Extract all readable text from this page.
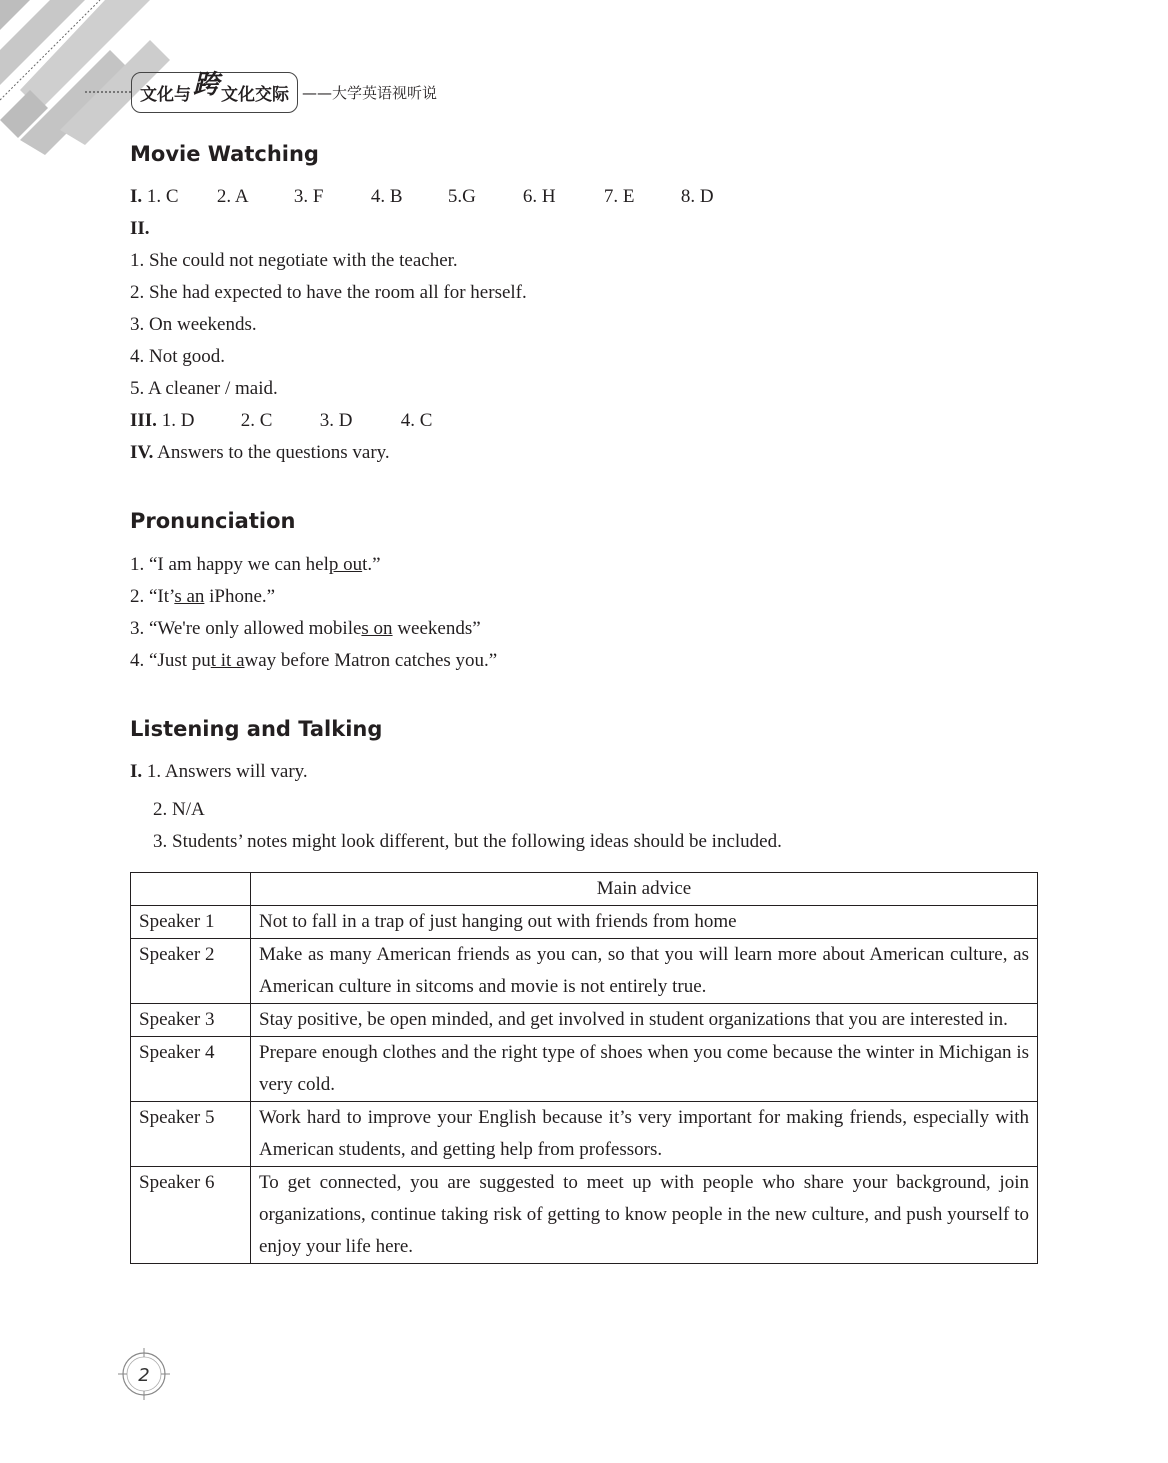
文化与 跨 文化交际 ——大学英语视听说
Movie Watching
I. 1. C 2. A 3. F 4. B 5.G 6. H	7. E 8. D
II.
1. She could not negotiate with the teacher.
2. She had expected to have the room all for herself.
3. On weekends.
4. Not good.
5. A cleaner / maid.
III. 1. D 2. C 3. D	4. C
IV. Answers to the questions vary.
Pronunciation
1. “I am happy we can help out.”
2. “It’s an iPhone.”
3. “We're only allowed mobiles on weekends”
4. “Just put it away before Matron catches you.”
Listening and Talking
I. 1. Answers will vary.
2. N/A
3. Students’ notes might look different, but the following ideas should be included.
	Main advice
Speaker 1	Not to fall in a trap of just hanging out with friends from home
Speaker 2	Make as many American friends as you can, so that you will learn more about American culture, as American culture in sitcoms and movie is not entirely true.
Speaker 3	Stay positive, be open minded, and get involved in student organizations that you are interested in.
Speaker 4	Prepare enough clothes and the right type of shoes when you come because the winter in Michigan is very cold.
Speaker 5	Work hard to improve your English because it’s very important for making friends, especially with American students, and getting help from professors.
Speaker 6	To get connected, you are suggested to meet up with people who share your background, join organizations, continue taking risk of getting to know people in the new culture, and push yourself to enjoy your life here.
2
